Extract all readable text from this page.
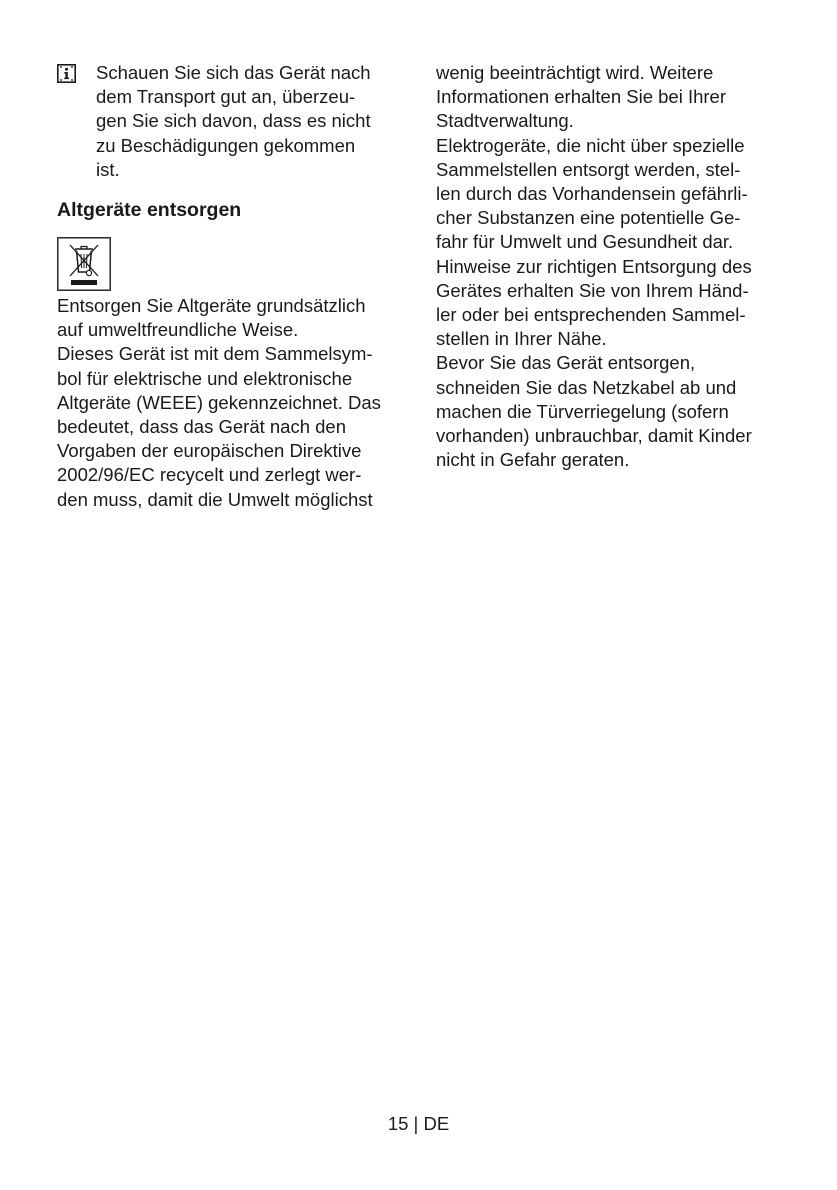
Schauen Sie sich das Gerät nach
dem Transport gut an, überzeu-
gen Sie sich davon, dass es nicht
zu Beschädigungen gekommen
ist.
Altgeräte entsorgen
Entsorgen Sie Altgeräte grundsätzlich
auf umweltfreundliche Weise.
Dieses Gerät ist mit dem Sammelsym-
bol für elektrische und elektronische
Altgeräte (WEEE) gekennzeichnet. Das
bedeutet, dass das Gerät nach den
Vorgaben der europäischen Direktive
2002/96/EC recycelt und zerlegt wer-
den muss, damit die Umwelt möglichst
wenig beeinträchtigt wird. Weitere
Informationen erhalten Sie bei Ihrer
Stadtverwaltung.
Elektrogeräte, die nicht über spezielle
Sammelstellen entsorgt werden, stel-
len durch das Vorhandensein gefährli-
cher Substanzen eine potentielle Ge-
fahr für Umwelt und Gesundheit dar.
Hinweise zur richtigen Entsorgung des
Gerätes erhalten Sie von Ihrem Händ-
ler oder bei entsprechenden Sammel-
stellen in Ihrer Nähe.
Bevor Sie das Gerät entsorgen,
schneiden Sie das Netzkabel ab und
machen die Türverriegelung (sofern
vorhanden) unbrauchbar, damit Kinder
nicht in Gefahr geraten.
15 | DE
